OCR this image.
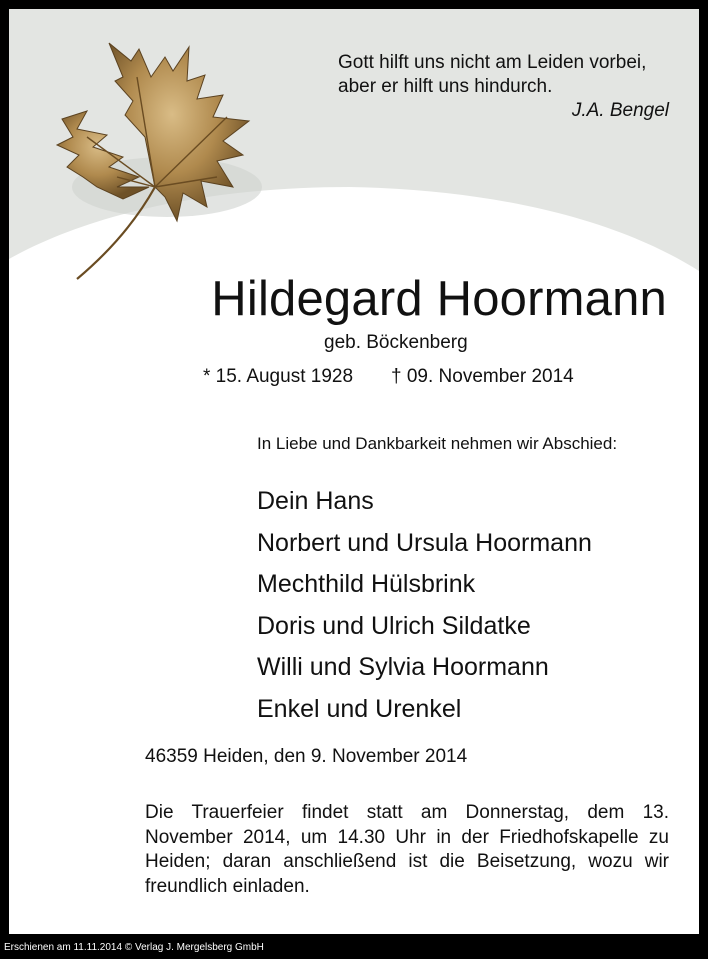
Gott hilft uns nicht am Leiden vorbei,
aber er hilft uns hindurch.
J.A. Bengel
Hildegard Hoormann
geb. Böckenberg
* 15. August 1928 † 09. November 2014
In Liebe und Dankbarkeit nehmen wir Abschied:
Dein Hans
Norbert und Ursula Hoormann
Mechthild Hülsbrink
Doris und Ulrich Sildatke
Willi und Sylvia Hoormann
Enkel und Urenkel
46359 Heiden, den 9. November 2014
Die Trauerfeier findet statt am Donnerstag, dem 13. November 2014, um 14.30 Uhr in der Friedhofskapelle zu Heiden; daran anschließend ist die Beisetzung, wozu wir freundlich einladen.
Erschienen am 11.11.2014 © Verlag J. Mergelsberg GmbH
